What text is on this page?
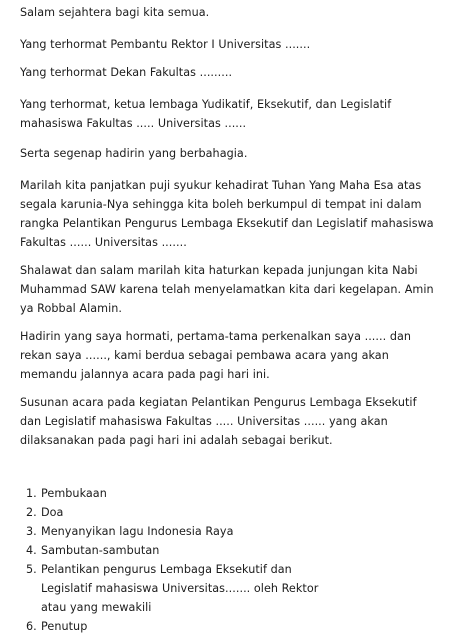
Salam sejahtera bagi kita semua.

Yang terhormat Pembantu Rektor I Universitas .......

Yang terhormat Dekan Fakultas .........

Yang terhormat, ketua lembaga Yudikatif, Eksekutif, dan Legislatif mahasiswa Fakultas ..... Universitas ......

Serta segenap hadirin yang berbahagia.

Marilah kita panjatkan puji syukur kehadirat Tuhan Yang Maha Esa atas segala karunia-Nya sehingga kita boleh berkumpul di tempat ini dalam rangka Pelantikan Pengurus Lembaga Eksekutif dan Legislatif mahasiswa Fakultas ...... Universitas .......

Shalawat dan salam marilah kita haturkan kepada junjungan kita Nabi Muhammad SAW karena telah menyelamatkan kita dari kegelapan. Amin ya Robbal Alamin.

Hadirin yang saya hormati, pertama-tama perkenalkan saya ...... dan rekan saya ......, kami berdua sebagai pembawa acara yang akan memandu jalannya acara pada pagi hari ini.

Susunan acara pada kegiatan Pelantikan Pengurus Lembaga Eksekutif dan Legislatif mahasiswa Fakultas ..... Universitas ...... yang akan dilaksanakan pada pagi hari ini adalah sebagai berikut.

1. Pembukaan
2. Doa
3. Menyanyikan lagu Indonesia Raya
4. Sambutan-sambutan
5. Pelantikan pengurus Lembaga Eksekutif dan Legislatif mahasiswa Universitas....... oleh Rektor atau yang mewakili
6. Penutup
